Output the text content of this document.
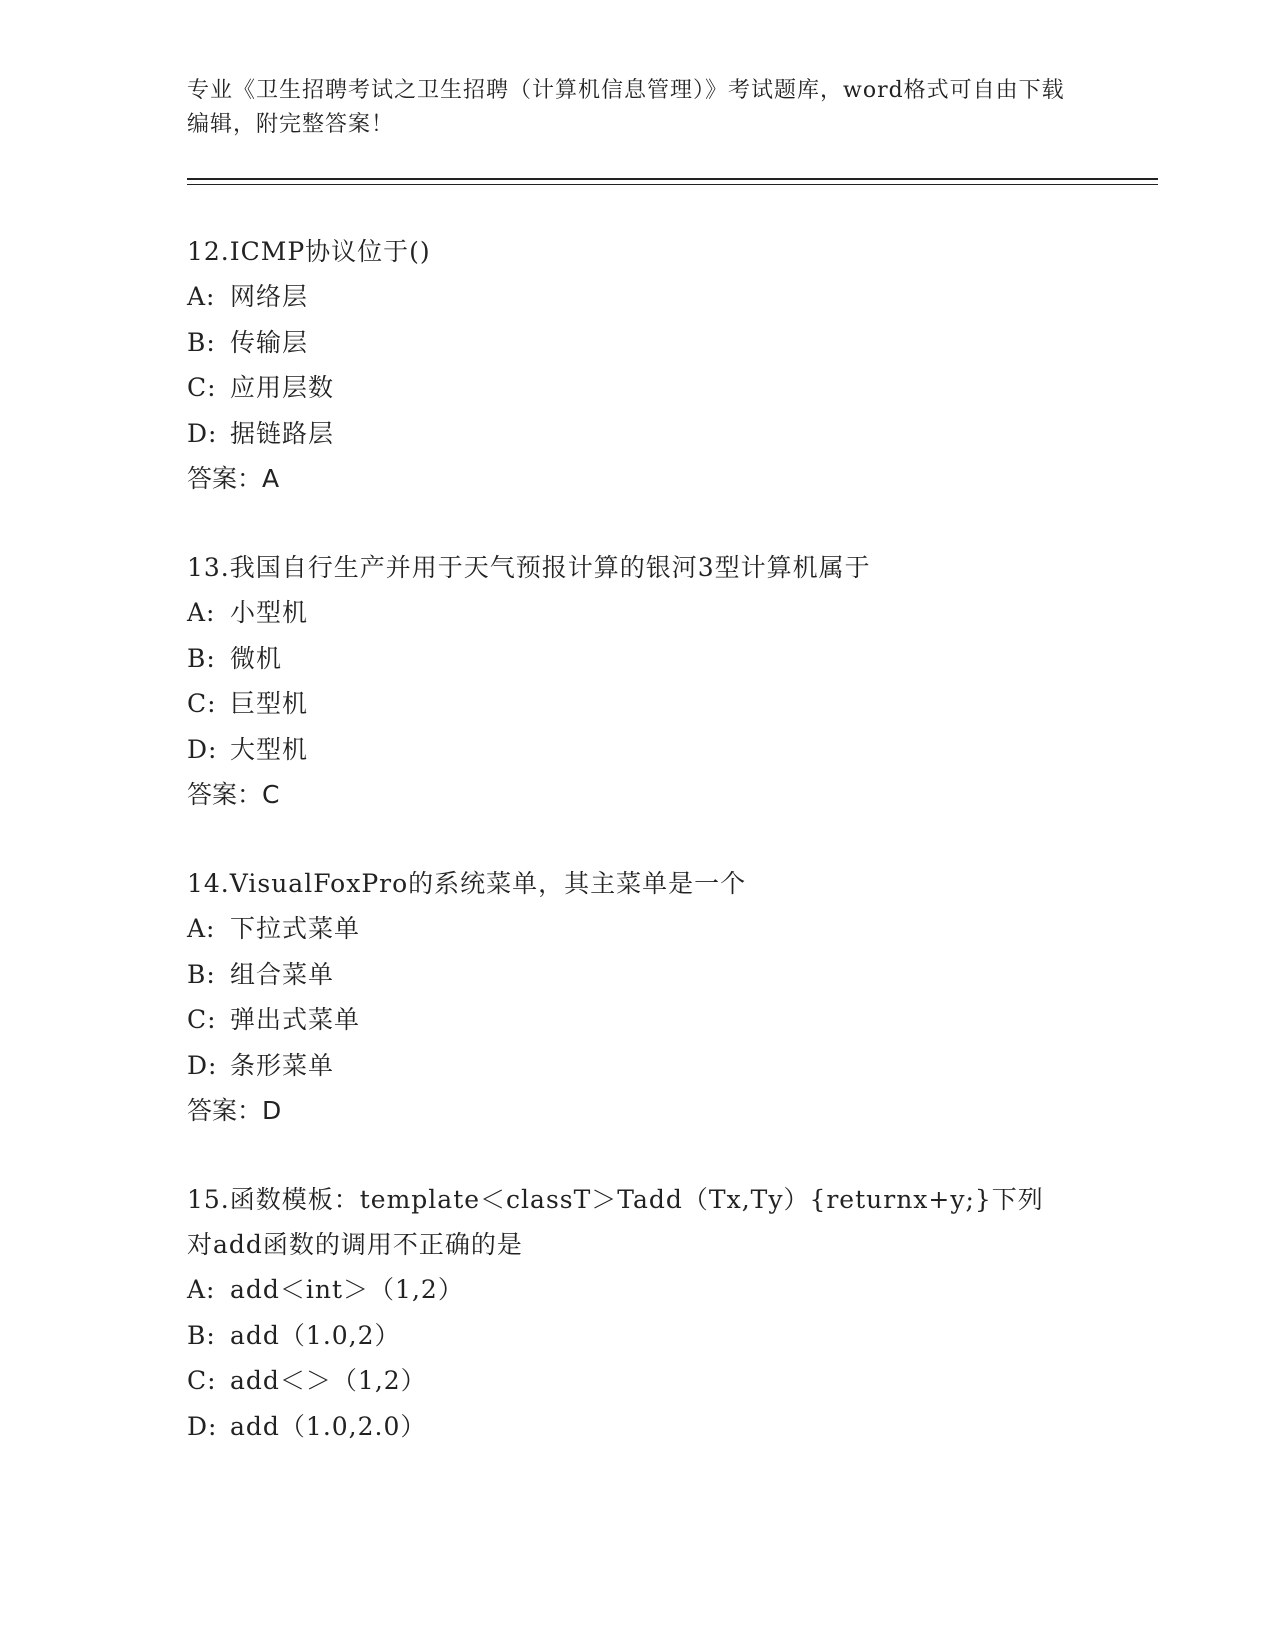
专业《卫生招聘考试之卫生招聘（计算机信息管理）》考试题库，word格式可自由下载编辑，附完整答案！

12.ICMP协议位于()

A: 网络层

B: 传输层

C: 应用层数

D: 据链路层

答案：A

13.我国自行生产并用于天气预报计算的银河3型计算机属于

A: 小型机

B: 微机

C: 巨型机

D: 大型机

答案：C

14.VisualFoxPro的系统菜单，其主菜单是一个

A: 下拉式菜单

B: 组合菜单

C: 弹出式菜单

D: 条形菜单

答案：D

15.函数模板：template＜classT＞Tadd（Tx,Ty）{returnx+y;}下列对add函数的调用不正确的是

A: add＜int＞（1,2）

B: add（1.0,2）

C: add＜＞（1,2）

D: add（1.0,2.0）
